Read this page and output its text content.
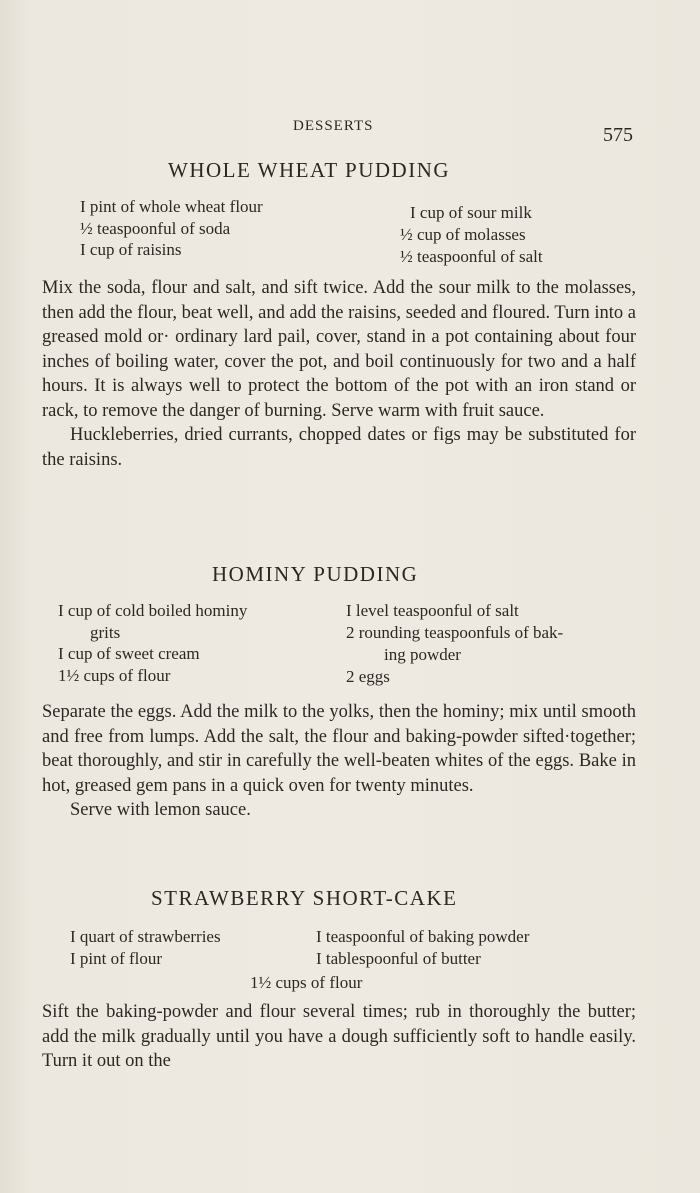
DESSERTS	575
WHOLE WHEAT PUDDING
I pint of whole wheat flour
½ teaspoonful of soda
I cup of raisins
I cup of sour milk
½ cup of molasses
½ teaspoonful of salt

Mix the soda, flour and salt, and sift twice. Add the sour milk to the molasses, then add the flour, beat well, and add the raisins, seeded and floured. Turn into a greased mold or· ordinary lard pail, cover, stand in a pot containing about four inches of boiling water, cover the pot, and boil continuously for two and a half hours. It is always well to protect the bottom of the pot with an iron stand or rack, to remove the danger of burning. Serve warm with fruit sauce.

Huckleberries, dried currants, chopped dates or figs may be substituted for the raisins.

HOMINY PUDDING
I cup of cold boiled hominy
grits
I cup of sweet cream
1½ cups of flour
I level teaspoonful of salt
2 rounding teaspoonfuls of bak-
ing powder
2 eggs

Separate the eggs. Add the milk to the yolks, then the hominy; mix until smooth and free from lumps. Add the salt, the flour and baking-powder sifted·together; beat thoroughly, and stir in carefully the well-beaten whites of the eggs. Bake in hot, greased gem pans in a quick oven for twenty minutes.

Serve with lemon sauce.

STRAWBERRY SHORT-CAKE
I quart of strawberries
I pint of flour
I teaspoonful of baking powder
I tablespoonful of butter
1½ cups of flour

Sift the baking-powder and flour several times; rub in thoroughly the butter; add the milk gradually until you have a dough sufficiently soft to handle easily. Turn it out on the
